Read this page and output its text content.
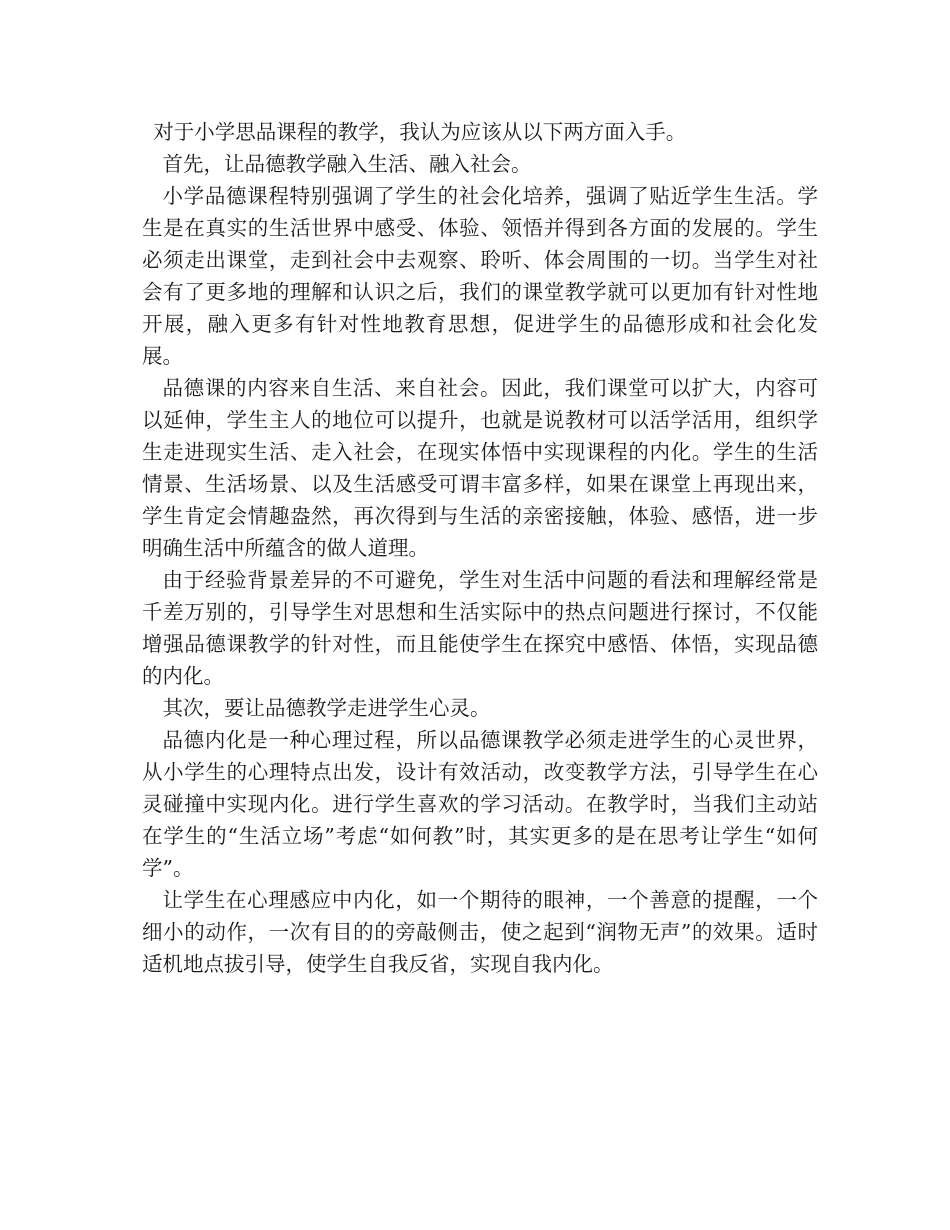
对于小学思品课程的教学，我认为应该从以下两方面入手。

首先，让品德教学融入生活、融入社会。

小学品德课程特别强调了学生的社会化培养，强调了贴近学生生活。学生是在真实的生活世界中感受、体验、领悟并得到各方面的发展的。学生必须走出课堂，走到社会中去观察、聆听、体会周围的一切。当学生对社会有了更多地的理解和认识之后，我们的课堂教学就可以更加有针对性地开展，融入更多有针对性地教育思想，促进学生的品德形成和社会化发展。

品德课的内容来自生活、来自社会。因此，我们课堂可以扩大，内容可以延伸，学生主人的地位可以提升，也就是说教材可以活学活用，组织学生走进现实生活、走入社会，在现实体悟中实现课程的内化。学生的生活情景、生活场景、以及生活感受可谓丰富多样，如果在课堂上再现出来，学生肯定会情趣盎然，再次得到与生活的亲密接触，体验、感悟，进一步明确生活中所蕴含的做人道理。

由于经验背景差异的不可避免，学生对生活中问题的看法和理解经常是千差万别的，引导学生对思想和生活实际中的热点问题进行探讨，不仅能增强品德课教学的针对性，而且能使学生在探究中感悟、体悟，实现品德的内化。

其次，要让品德教学走进学生心灵。

品德内化是一种心理过程，所以品德课教学必须走进学生的心灵世界，从小学生的心理特点出发，设计有效活动，改变教学方法，引导学生在心灵碰撞中实现内化。进行学生喜欢的学习活动。在教学时，当我们主动站在学生的“生活立场”考虑“如何教”时，其实更多的是在思考让学生“如何学”。

让学生在心理感应中内化，如一个期待的眼神，一个善意的提醒，一个细小的动作，一次有目的的旁敲侧击，使之起到“润物无声”的效果。适时适机地点拔引导，使学生自我反省，实现自我内化。
